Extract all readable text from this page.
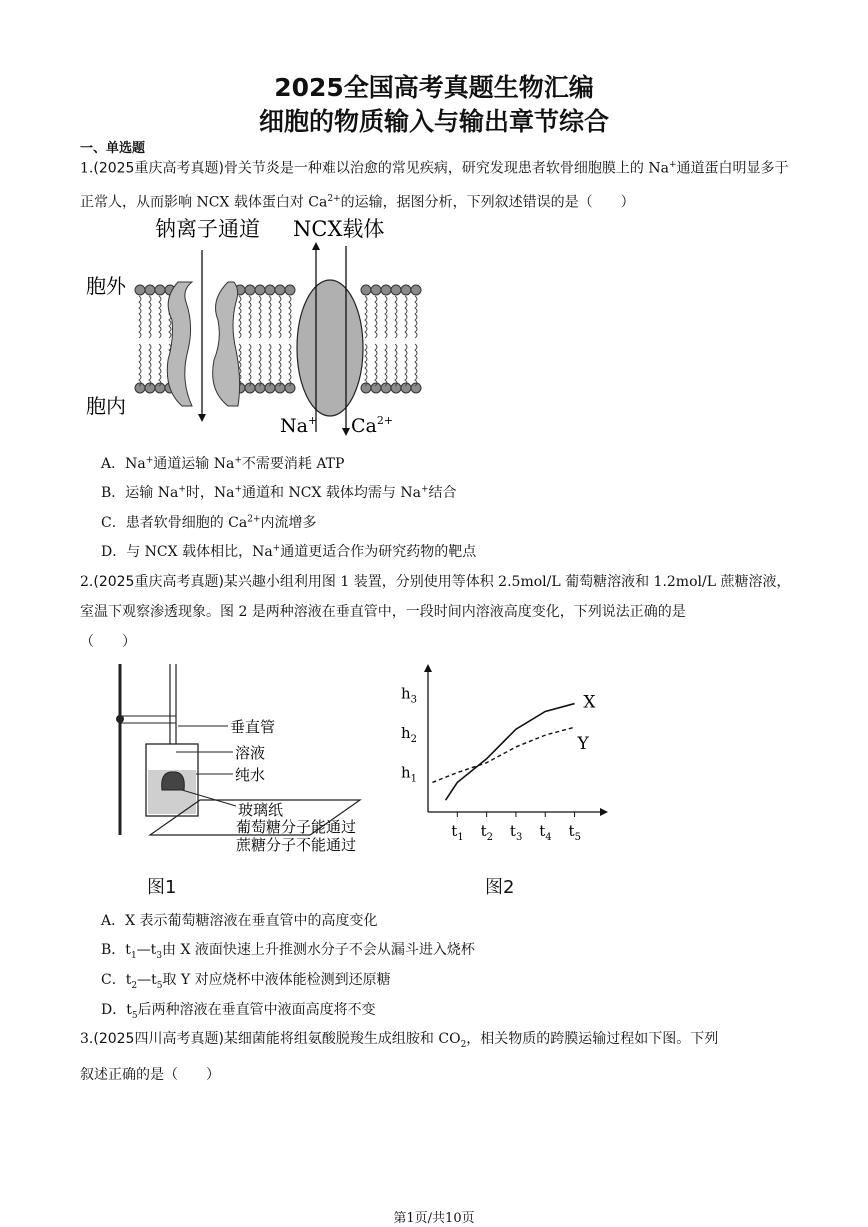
2025全国高考真题生物汇编
细胞的物质输入与输出章节综合
一、单选题
1.(2025重庆高考真题)骨关节炎是一种难以治愈的常见疾病，研究发现患者软骨细胞膜上的 Na+通道蛋白明显多于正常人，从而影响 NCX 载体蛋白对 $Ca^{2+}$的运输，据图分析，下列叙述错误的是（　　）
钠离子通道 NCX载体
胞外
胞内
Na+ $Ca^{2+}$
A．Na+通道运输 Na+不需要消耗 ATP
B．运输 Na+时，Na+通道和 NCX 载体均需与 Na+结合
C．患者软骨细胞的 $Ca^{2+}$内流增多
D．与 NCX 载体相比，Na+通道更适合作为研究药物的靶点
2.(2025重庆高考真题)某兴趣小组利用图 1 装置，分别使用等体积 2.5mol/L 葡萄糖溶液和 1.2mol/L 蔗糖溶液，室温下观察渗透现象。图 2 是两种溶液在垂直管中，一段时间内溶液高度变化，下列说法正确的是
（　　）
垂直管
溶液
纯水
玻璃纸
葡萄糖分子能通过
蔗糖分子不能通过
图1
$h_1$
$h_2$
$h_3$
$t_1$ $t_2$ $t_3$ $t_4$ $t_5$
X
Y
图2
A．X 表示葡萄糖溶液在垂直管中的高度变化
B．$t_1—t_3$由 X 液面快速上升推测水分子不会从漏斗进入烧杯
C．$t_2—t_5$取 Y 对应烧杯中液体能检测到还原糖
D．$t_5$后两种溶液在垂直管中液面高度将不变
3.(2025四川高考真题)某细菌能将组氨酸脱羧生成组胺和 $CO_2$，相关物质的跨膜运输过程如下图。下列
叙述正确的是（　　）
第1页/共10页
